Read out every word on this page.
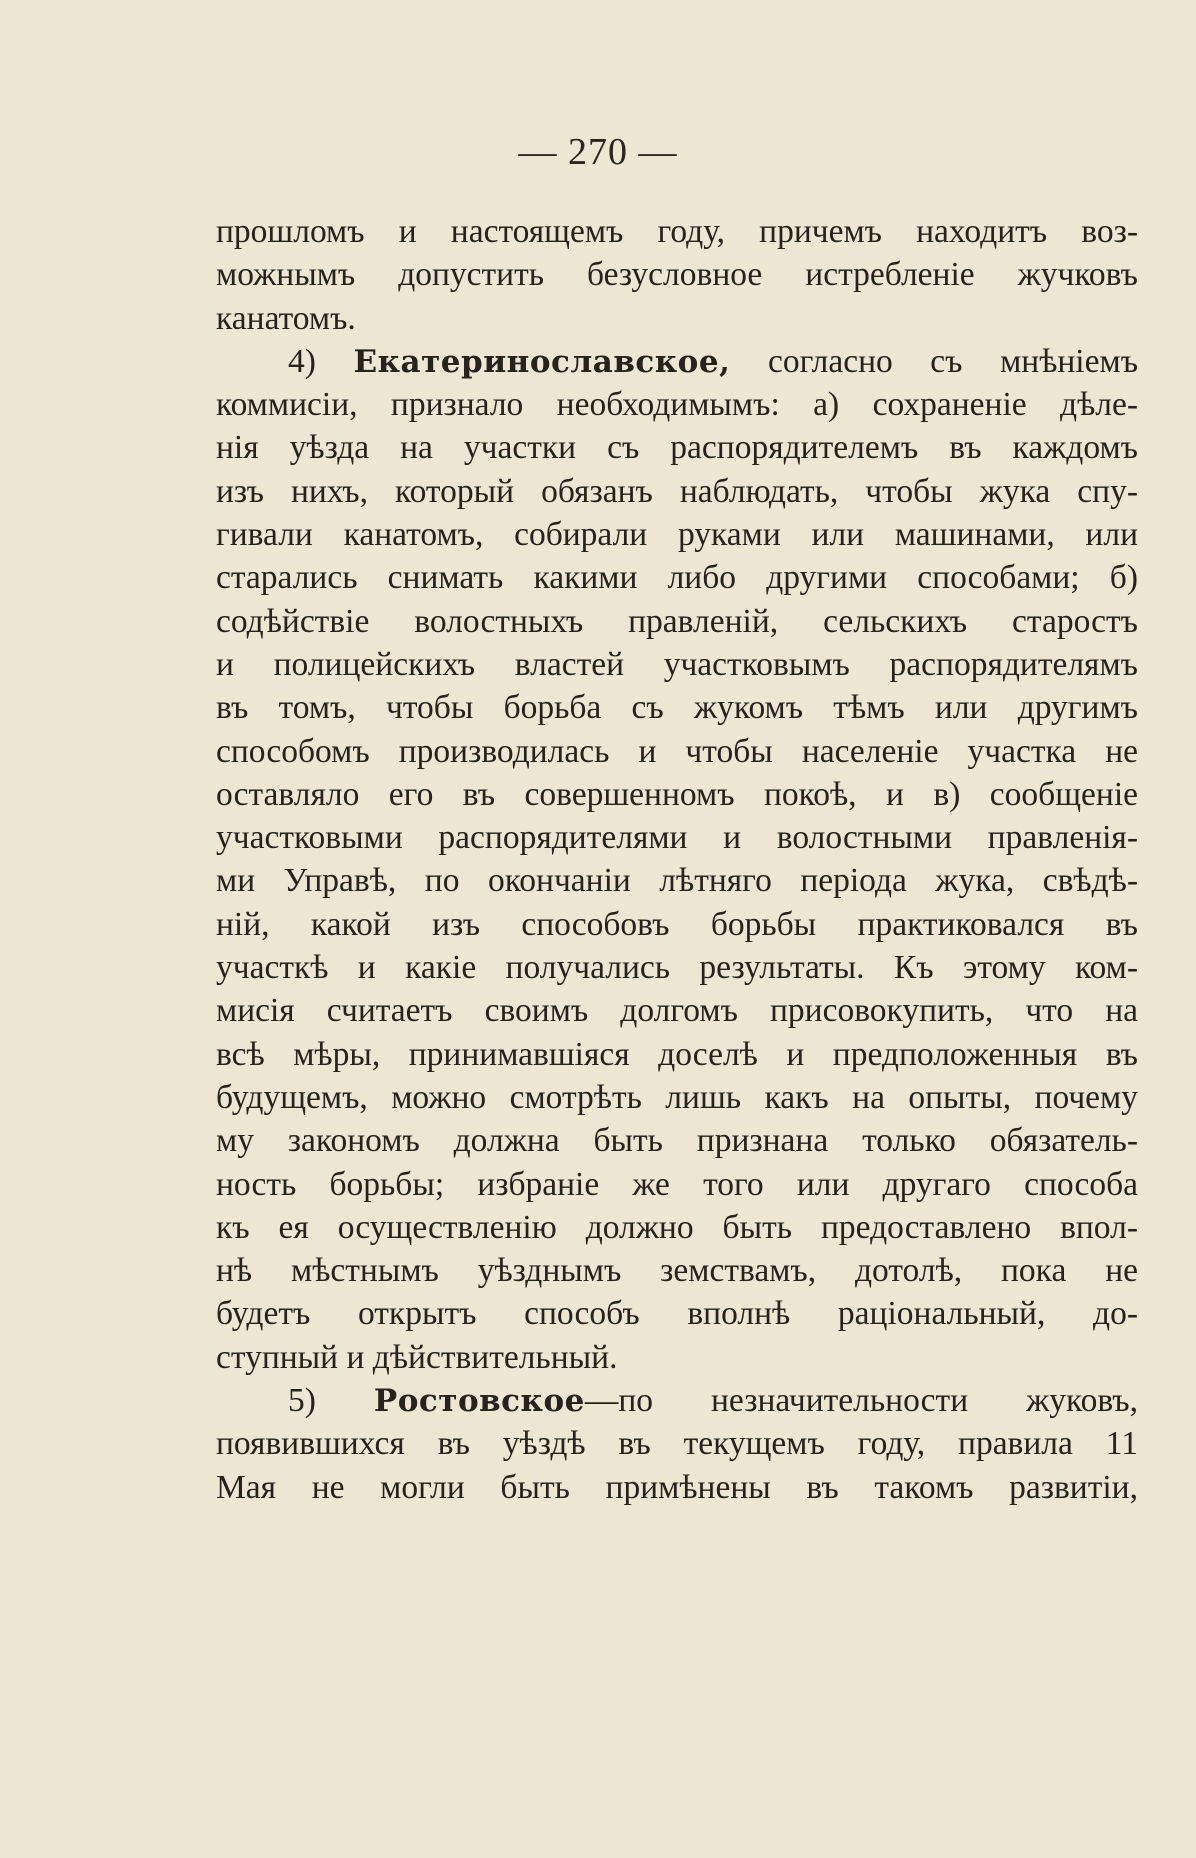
— 270 —
прошломъ и настоящемъ году, причемъ находитъ воз-
можнымъ допустить безусловное истребленіе жучковъ
канатомъ.
4) Екатеринославское, согласно съ мнѣніемъ
коммисіи, признало необходимымъ: а) сохраненіе дѣле-
нія уѣзда на участки съ распорядителемъ въ каждомъ
изъ нихъ, который обязанъ наблюдать, чтобы жука спу-
гивали канатомъ, собирали руками или машинами, или
старались снимать какими либо другими способами; б)
содѣйствіе волостныхъ правленій, сельскихъ старостъ
и полицейскихъ властей участковымъ распорядителямъ
въ томъ, чтобы борьба съ жукомъ тѣмъ или другимъ
способомъ производилась и чтобы населеніе участка не
оставляло его въ совершенномъ покоѣ, и в) сообщеніе
участковыми распорядителями и волостными правленія-
ми Управѣ, по окончаніи лѣтняго періода жука, свѣдѣ-
ній, какой изъ способовъ борьбы практиковался въ
участкѣ и какіе получались результаты. Къ этому ком-
мисія считаетъ своимъ долгомъ присовокупить, что на
всѣ мѣры, принимавшіяся доселѣ и предположенныя въ
будущемъ, можно смотрѣть лишь какъ на опыты, почему
му закономъ должна быть признана только обязатель-
ность борьбы; избраніе же того или другаго способа
къ ея осуществленію должно быть предоставлено впол-
нѣ мѣстнымъ уѣзднымъ земствамъ, дотолѣ, пока не
будетъ открытъ способъ вполнѣ раціональный, до-
ступный и дѣйствительный.
5) Ростовское—по незначительности жуковъ,
появившихся въ уѣздѣ въ текущемъ году, правила 11
Мая не могли быть примѣнены въ такомъ развитіи,
